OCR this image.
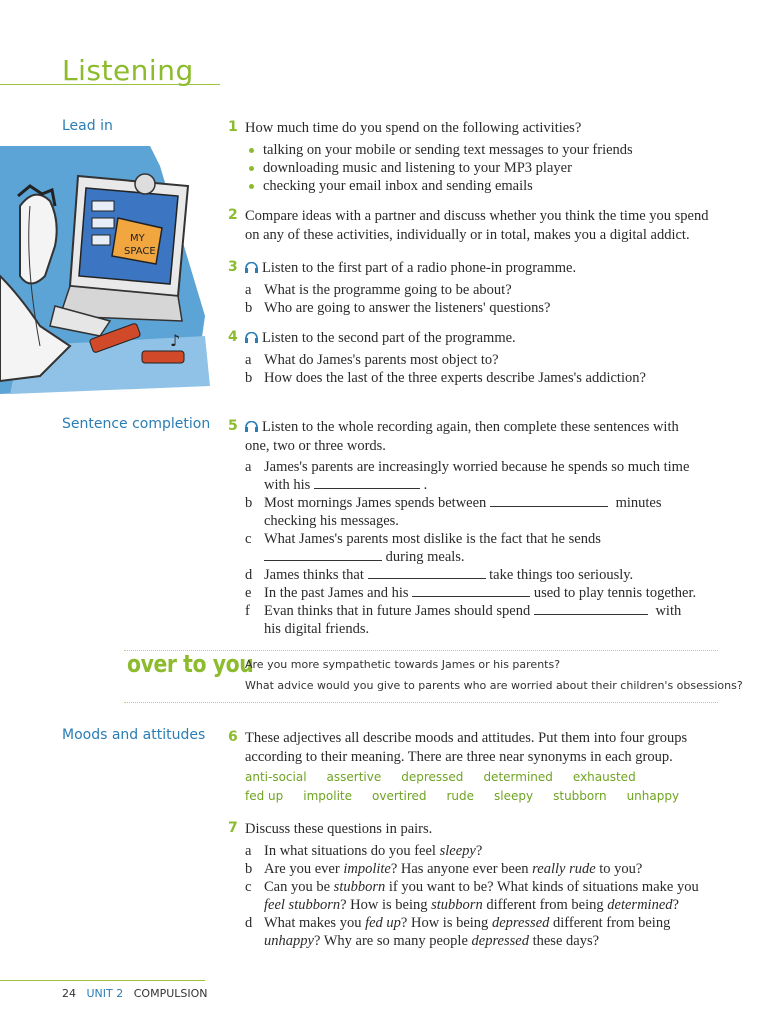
Listening
Lead in
MY
SPACE
♪
1 How much time do you spend on the following activities?
talking on your mobile or sending text messages to your friends
downloading music and listening to your MP3 player
checking your email inbox and sending emails
2 Compare ideas with a partner and discuss whether you think the time you spend
on any of these activities, individually or in total, makes you a digital addict.
3	Listen to the first part of a radio phone-in programme.
a What is the programme going to be about?
b Who are going to answer the listeners' questions?
4	Listen to the second part of the programme.
a What do James's parents most object to?
b How does the last of the three experts describe James's addiction?
Sentence completion 5	Listen to the whole recording again, then complete these sentences with
one, two or three words.
a James's parents are increasingly worried because he spends so much time
with his	.
b Most mornings James spends between	minutes
checking his messages.
c What James's parents most dislike is the fact that he sends
during meals.
d James thinks that	take things too seriously.
e In the past James and his	used to play tennis together.
f Evan thinks that in future James should spend	with
his digital friends.
over to you
Are you more sympathetic towards James or his parents?
What advice would you give to parents who are worried about their children's obsessions?
Moods and attitudes 6 These adjectives all describe moods and attitudes. Put them into four groups
according to their meaning. There are three near synonyms in each group.
anti-social assertive depressed determined exhausted
fed up impolite overtired rude sleepy stubborn unhappy
7 Discuss these questions in pairs.
a In what situations do you feel sleepy?
b Are you ever impolite? Has anyone ever been really rude to you?
c Can you be stubborn if you want to be? What kinds of situations make you
feel stubborn? How is being stubborn different from being determined?
d What makes you fed up? How is being depressed different from being
unhappy? Why are so many people depressed these days?
24 UNIT 2 COMPULSION
